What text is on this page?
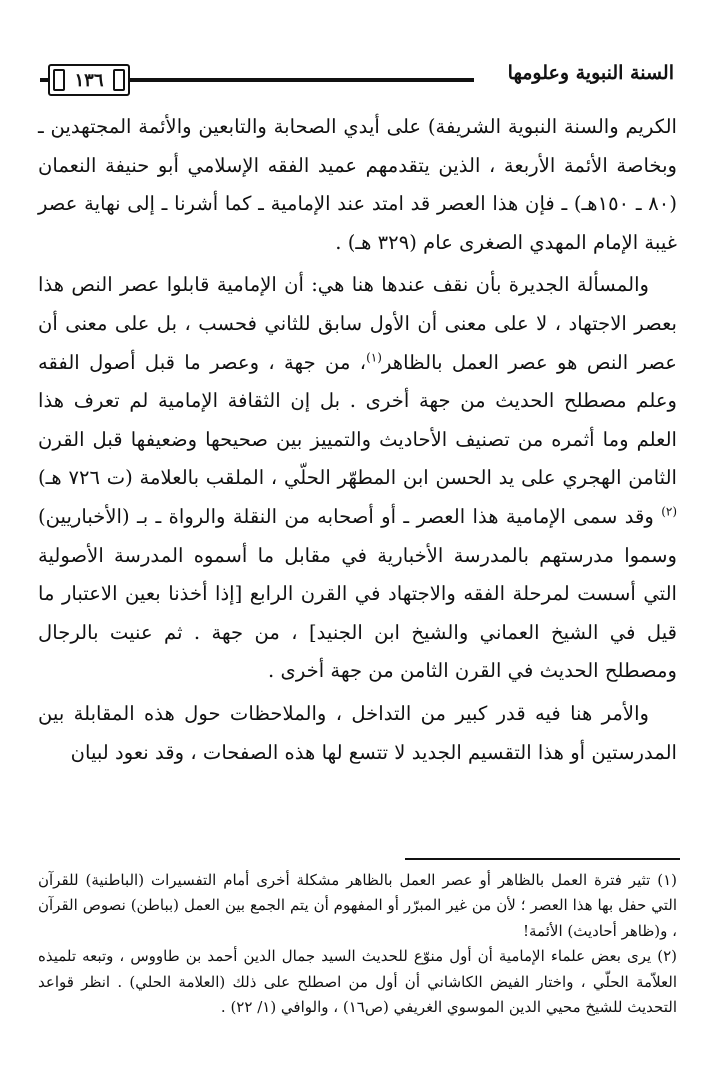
السنة النبوية وعلومها
١٣٦

الكريم والسنة النبوية الشريفة) على أيدي الصحابة والتابعين والأئمة المجتهدين ـ وبخاصة الأئمة الأربعة ، الذين يتقدمهم عميد الفقه الإسلامي أبو حنيفة النعمان (٨٠ ـ ١٥٠هـ) ـ فإن هذا العصر قد امتد عند الإمامية ـ كما أشرنا ـ إلى نهاية عصر غيبة الإمام المهدي الصغرى عام (٣٢٩ هـ) .

والمسألة الجديرة بأن نقف عندها هنا هي: أن الإمامية قابلوا عصر النص هذا بعصر الاجتهاد ، لا على معنى أن الأول سابق للثاني فحسب ، بل على معنى أن عصر النص هو عصر العمل بالظاهر$^{(١)}$، من جهة ، وعصر ما قبل أصول الفقه وعلم مصطلح الحديث من جهة أخرى . بل إن الثقافة الإمامية لم تعرف هذا العلم وما أثمره من تصنيف الأحاديث والتمييز بين صحيحها وضعيفها قبل القرن الثامن الهجري على يد الحسن ابن المطهّر الحلّي ، الملقب بالعلامة (ت ٧٢٦ هـ)$^{(٢)}$ وقد سمى الإمامية هذا العصر ـ أو أصحابه من النقلة والرواة ـ بـ (الأخباريين) وسموا مدرستهم بالمدرسة الأخبارية في مقابل ما أسموه المدرسة الأصولية التي أسست لمرحلة الفقه والاجتهاد في القرن الرابع [إذا أخذنا بعين الاعتبار ما قيل في الشيخ العماني والشيخ ابن الجنيد] ، من جهة . ثم عنيت بالرجال ومصطلح الحديث في القرن الثامن من جهة أخرى .

والأمر هنا فيه قدر كبير من التداخل ، والملاحظات حول هذه المقابلة بين المدرستين أو هذا التقسيم الجديد لا تتسع لها هذه الصفحات ، وقد نعود لبيان

(١) تثير فترة العمل بالظاهر أو عصر العمل بالظاهر مشكلة أخرى أمام التفسيرات (الباطنية) للقرآن التي حفل بها هذا العصر ؛ لأن من غير المبرّر أو المفهوم أن يتم الجمع بين العمل (بباطن) نصوص القرآن ، و(ظاهر أحاديث) الأئمة!

(٢) يرى بعض علماء الإمامية أن أول منوّع للحديث السيد جمال الدين أحمد بن طاووس ، وتبعه تلميذه العلاّمة الحلّي ، واختار الفيض الكاشاني أن أول من اصطلح على ذلك (العلامة الحلي) . انظر قواعد التحديث للشيخ محيي الدين الموسوي الغريفي (ص١٦) ، والوافي (١/ ٢٢) .
